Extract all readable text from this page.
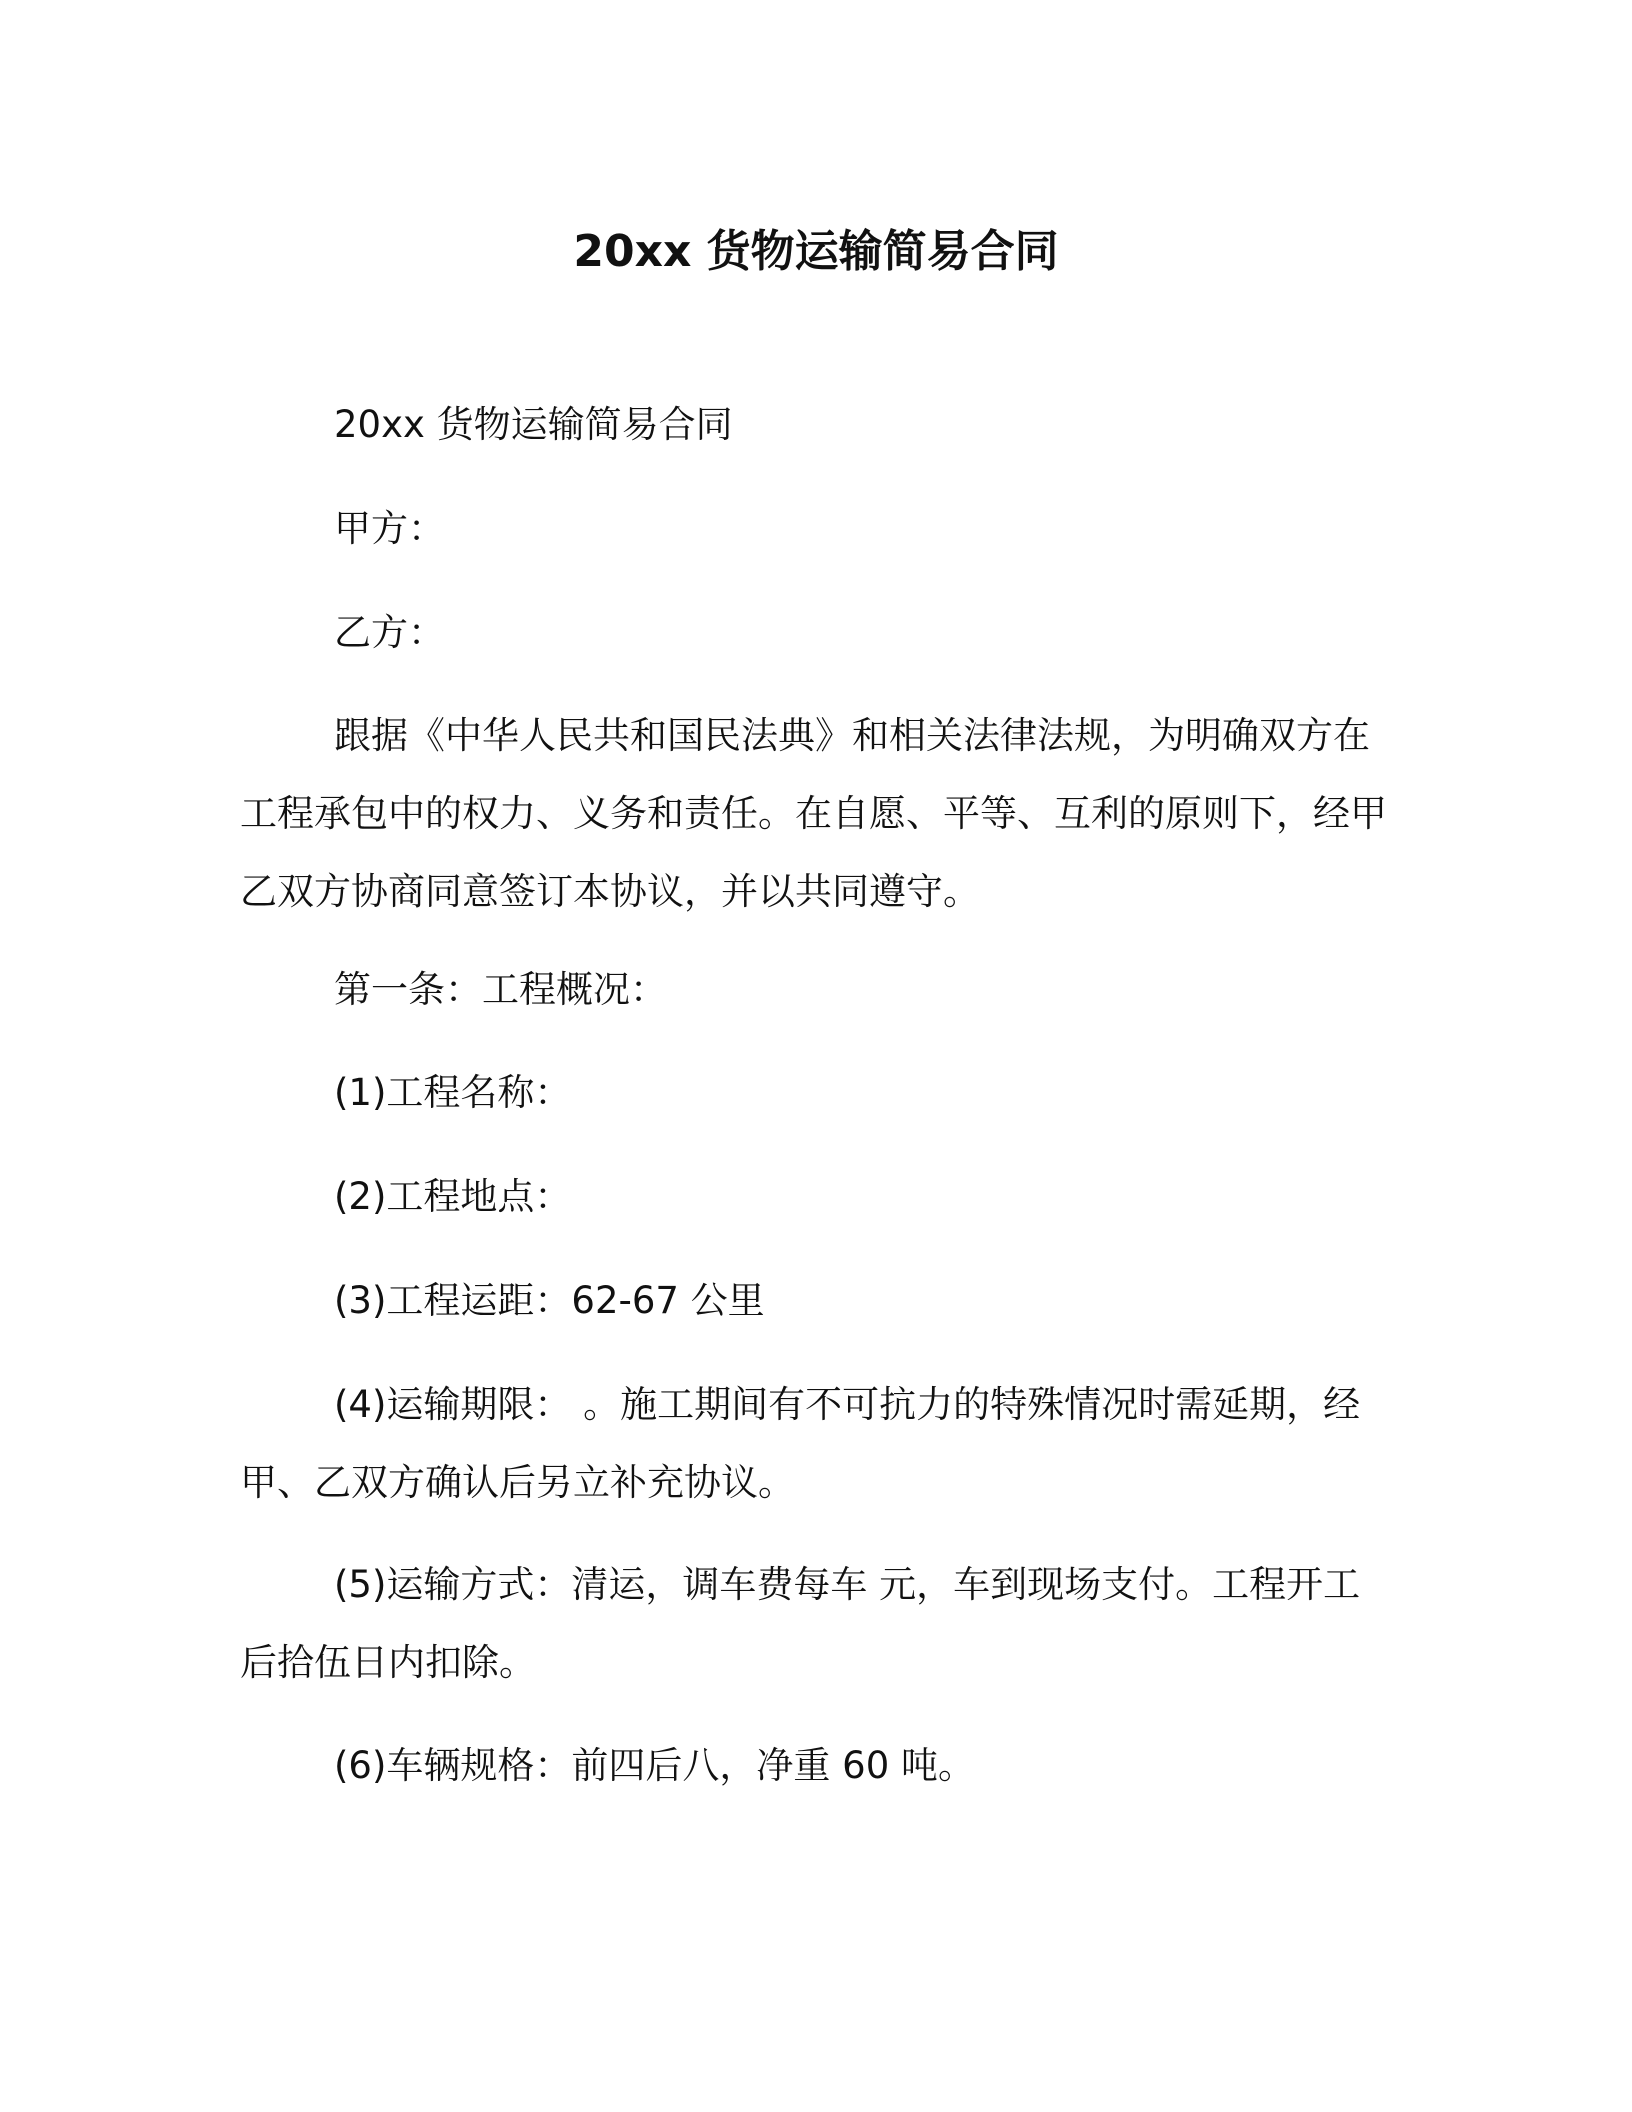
20xx 货物运输简易合同

20xx 货物运输简易合同

甲方：

乙方：

跟据《中华人民共和国民法典》和相关法律法规，为明确双方在工程承包中的权力、义务和责任。在自愿、平等、互利的原则下，经甲乙双方协商同意签订本协议，并以共同遵守。

第一条：工程概况：

(1)工程名称：

(2)工程地点：

(3)工程运距：62-67 公里

(4)运输期限： 。施工期间有不可抗力的特殊情况时需延期，经甲、乙双方确认后另立补充协议。

(5)运输方式：清运，调车费每车 元，车到现场支付。工程开工后拾伍日内扣除。

(6)车辆规格：前四后八，净重 60 吨。
